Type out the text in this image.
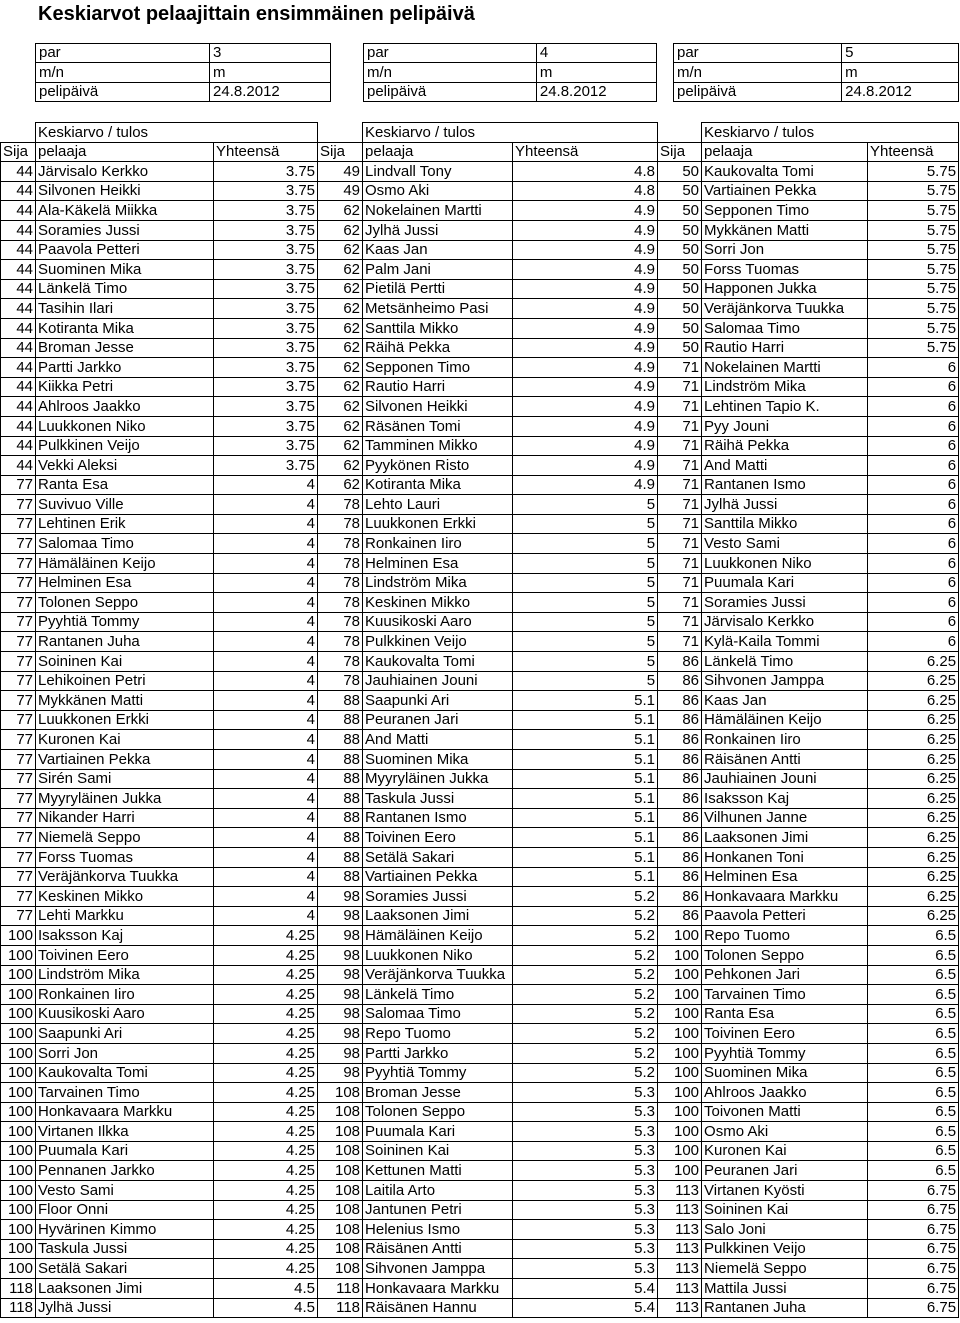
Keskiarvot pelaajittain ensimmäinen pelipäivä
par	3
m/n	m
pelipäivä	24.8.2012
par	4
m/n	m
pelipäivä	24.8.2012
par	5
m/n	m
pelipäivä	24.8.2012
	Keskiarvo / tulos			Keskiarvo / tulos			Keskiarvo / tulos	
Sija	pelaaja	Yhteensä	Sija	pelaaja	Yhteensä	Sija	pelaaja	Yhteensä
44	Järvisalo Kerkko	3.75	49	Lindvall Tony	4.8	50	Kaukovalta Tomi	5.75
44	Silvonen Heikki	3.75	49	Osmo Aki	4.8	50	Vartiainen Pekka	5.75
44	Ala-Käkelä Miikka	3.75	62	Nokelainen Martti	4.9	50	Sepponen Timo	5.75
44	Soramies Jussi	3.75	62	Jylhä Jussi	4.9	50	Mykkänen Matti	5.75
44	Paavola Petteri	3.75	62	Kaas Jan	4.9	50	Sorri Jon	5.75
44	Suominen Mika	3.75	62	Palm Jani	4.9	50	Forss Tuomas	5.75
44	Länkelä Timo	3.75	62	Pietilä Pertti	4.9	50	Happonen Jukka	5.75
44	Tasihin Ilari	3.75	62	Metsänheimo Pasi	4.9	50	Veräjänkorva Tuukka	5.75
44	Kotiranta Mika	3.75	62	Santtila Mikko	4.9	50	Salomaa Timo	5.75
44	Broman Jesse	3.75	62	Räihä Pekka	4.9	50	Rautio Harri	5.75
44	Partti Jarkko	3.75	62	Sepponen Timo	4.9	71	Nokelainen Martti	6
44	Kiikka Petri	3.75	62	Rautio Harri	4.9	71	Lindström Mika	6
44	Ahlroos Jaakko	3.75	62	Silvonen Heikki	4.9	71	Lehtinen Tapio K.	6
44	Luukkonen Niko	3.75	62	Räsänen Tomi	4.9	71	Pyy Jouni	6
44	Pulkkinen Veijo	3.75	62	Tamminen Mikko	4.9	71	Räihä Pekka	6
44	Vekki Aleksi	3.75	62	Pyykönen Risto	4.9	71	And Matti	6
77	Ranta Esa	4	62	Kotiranta Mika	4.9	71	Rantanen Ismo	6
77	Suvivuo Ville	4	78	Lehto Lauri	5	71	Jylhä Jussi	6
77	Lehtinen Erik	4	78	Luukkonen Erkki	5	71	Santtila Mikko	6
77	Salomaa Timo	4	78	Ronkainen Iiro	5	71	Vesto Sami	6
77	Hämäläinen Keijo	4	78	Helminen Esa	5	71	Luukkonen Niko	6
77	Helminen Esa	4	78	Lindström Mika	5	71	Puumala Kari	6
77	Tolonen Seppo	4	78	Keskinen Mikko	5	71	Soramies Jussi	6
77	Pyyhtiä Tommy	4	78	Kuusikoski Aaro	5	71	Järvisalo Kerkko	6
77	Rantanen Juha	4	78	Pulkkinen Veijo	5	71	Kylä-Kaila Tommi	6
77	Soininen Kai	4	78	Kaukovalta Tomi	5	86	Länkelä Timo	6.25
77	Lehikoinen Petri	4	78	Jauhiainen Jouni	5	86	Sihvonen Jamppa	6.25
77	Mykkänen Matti	4	88	Saapunki Ari	5.1	86	Kaas Jan	6.25
77	Luukkonen Erkki	4	88	Peuranen Jari	5.1	86	Hämäläinen Keijo	6.25
77	Kuronen Kai	4	88	And Matti	5.1	86	Ronkainen Iiro	6.25
77	Vartiainen Pekka	4	88	Suominen Mika	5.1	86	Räisänen Antti	6.25
77	Sirén Sami	4	88	Myyryläinen Jukka	5.1	86	Jauhiainen Jouni	6.25
77	Myyryläinen Jukka	4	88	Taskula Jussi	5.1	86	Isaksson Kaj	6.25
77	Nikander Harri	4	88	Rantanen Ismo	5.1	86	Vilhunen Janne	6.25
77	Niemelä Seppo	4	88	Toivinen Eero	5.1	86	Laaksonen Jimi	6.25
77	Forss Tuomas	4	88	Setälä Sakari	5.1	86	Honkanen Toni	6.25
77	Veräjänkorva Tuukka	4	88	Vartiainen Pekka	5.1	86	Helminen Esa	6.25
77	Keskinen Mikko	4	98	Soramies Jussi	5.2	86	Honkavaara Markku	6.25
77	Lehti Markku	4	98	Laaksonen Jimi	5.2	86	Paavola Petteri	6.25
100	Isaksson Kaj	4.25	98	Hämäläinen Keijo	5.2	100	Repo Tuomo	6.5
100	Toivinen Eero	4.25	98	Luukkonen Niko	5.2	100	Tolonen Seppo	6.5
100	Lindström Mika	4.25	98	Veräjänkorva Tuukka	5.2	100	Pehkonen Jari	6.5
100	Ronkainen Iiro	4.25	98	Länkelä Timo	5.2	100	Tarvainen Timo	6.5
100	Kuusikoski Aaro	4.25	98	Salomaa Timo	5.2	100	Ranta Esa	6.5
100	Saapunki Ari	4.25	98	Repo Tuomo	5.2	100	Toivinen Eero	6.5
100	Sorri Jon	4.25	98	Partti Jarkko	5.2	100	Pyyhtiä Tommy	6.5
100	Kaukovalta Tomi	4.25	98	Pyyhtiä Tommy	5.2	100	Suominen Mika	6.5
100	Tarvainen Timo	4.25	108	Broman Jesse	5.3	100	Ahlroos Jaakko	6.5
100	Honkavaara Markku	4.25	108	Tolonen Seppo	5.3	100	Toivonen Matti	6.5
100	Virtanen Ilkka	4.25	108	Puumala Kari	5.3	100	Osmo Aki	6.5
100	Puumala Kari	4.25	108	Soininen Kai	5.3	100	Kuronen Kai	6.5
100	Pennanen Jarkko	4.25	108	Kettunen Matti	5.3	100	Peuranen Jari	6.5
100	Vesto Sami	4.25	108	Laitila Arto	5.3	113	Virtanen Kyösti	6.75
100	Floor Onni	4.25	108	Jantunen Petri	5.3	113	Soininen Kai	6.75
100	Hyvärinen Kimmo	4.25	108	Helenius Ismo	5.3	113	Salo Joni	6.75
100	Taskula Jussi	4.25	108	Räisänen Antti	5.3	113	Pulkkinen Veijo	6.75
100	Setälä Sakari	4.25	108	Sihvonen Jamppa	5.3	113	Niemelä Seppo	6.75
118	Laaksonen Jimi	4.5	118	Honkavaara Markku	5.4	113	Mattila Jussi	6.75
118	Jylhä Jussi	4.5	118	Räisänen Hannu	5.4	113	Rantanen Juha	6.75
